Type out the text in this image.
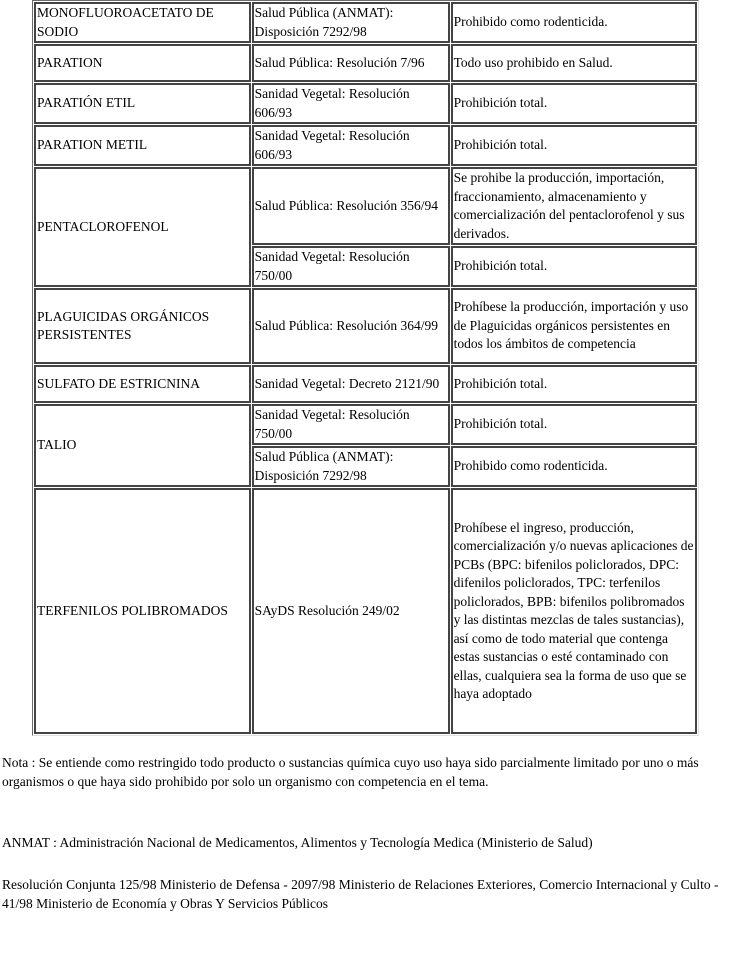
MONOFLUOROACETATO DE SODIO	Salud Pública (ANMAT): Disposición 7292/98	Prohibido como rodenticida.
PARATION	Salud Pública: Resolución 7/96	Todo uso prohibido en Salud.
PARATIÓN ETIL	Sanidad Vegetal: Resolución 606/93	Prohibición total.
PARATION METIL	Sanidad Vegetal: Resolución 606/93	Prohibición total.
PENTACLOROFENOL	Salud Pública: Resolución 356/94	Se prohibe la producción, importación, fraccionamiento, almacenamiento y comercialización del pentaclorofenol y sus derivados.
	Sanidad Vegetal: Resolución 750/00	Prohibición total.
PLAGUICIDAS ORGÁNICOS PERSISTENTES	Salud Pública: Resolución 364/99	Prohíbese la producción, importación y uso de Plaguicidas orgánicos persistentes en todos los ámbitos de competencia
SULFATO DE ESTRICNINA	Sanidad Vegetal: Decreto 2121/90	Prohibición total.
TALIO	Sanidad Vegetal: Resolución 750/00	Prohibición total.
	Salud Pública (ANMAT): Disposición 7292/98	Prohibido como rodenticida.
TERFENILOS POLIBROMADOS	SAyDS Resolución 249/02	Prohíbese el ingreso, producción, comercialización y/o nuevas aplicaciones de PCBs (BPC: bifenilos policlorados, DPC: difenilos policlorados, TPC: terfenilos policlorados, BPB: bifenilos polibromados y las distintas mezclas de tales sustancias), así como de todo material que contenga estas sustancias o esté contaminado con ellas, cualquiera sea la forma de uso que se haya adoptado

Nota : Se entiende como restringido todo producto o sustancias química cuyo uso haya sido parcialmente limitado por uno o más organismos o que haya sido prohibido por solo un organismo con competencia en el tema.

ANMAT : Administración Nacional de Medicamentos, Alimentos y Tecnología Medica (Ministerio de Salud)

Resolución Conjunta 125/98 Ministerio de Defensa - 2097/98 Ministerio de Relaciones Exteriores, Comercio Internacional y Culto - 41/98 Ministerio de Economía y Obras Y Servicios Públicos
